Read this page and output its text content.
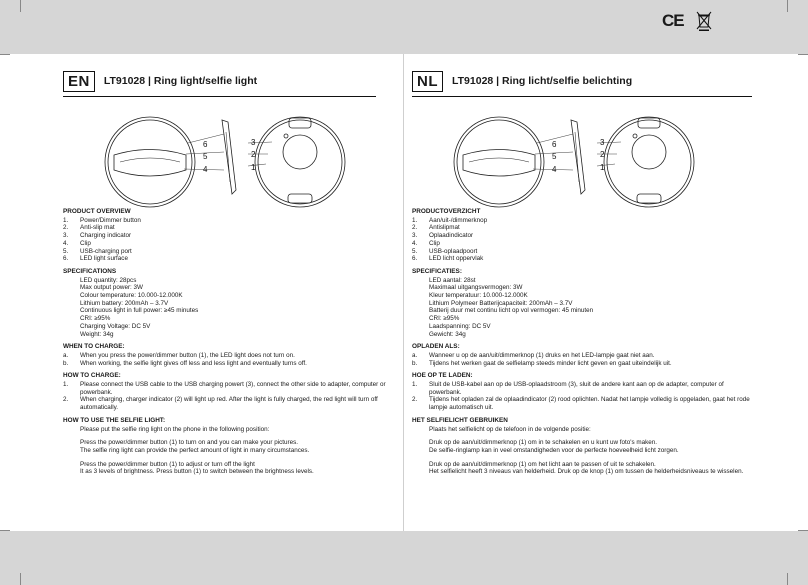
CE
EN	LT91028 | Ring light/selfie light
6
5
4
3
2
1
PRODUCT OVERVIEW
1.	Power/Dimmer button
2.	Anti-slip mat
3.	Charging indicator
4.	Clip
5.	USB-charging port
6.	LED light surface
SPECIFICATIONS
LED quantity: 28pcs
Max output power: 3W
Colour temperature: 10.000-12.000K
Lithium battery: 200mAh – 3.7V
Continuous light in full power: ≥45 minutes
CRI: ≥95%
Charging Voltage: DC 5V
Weight: 34g
WHEN TO CHARGE:
a.	When you press the power/dimmer button (1), the LED light does not turn on.
b.	When working, the selfie light gives off less and less light and eventually turns off.
HOW TO CHARGE:
1.	Please connect the USB cable to the USB charging powert (3), connect the other side to adapter, computer or powerbank.
2.	When charging, charger indicator (2) will light up red. After the light is fully charged, the red light will turn off automatically.
HOW TO USE THE SELFIE LIGHT:
Please put the selfie ring light on the phone in the following position:
Press the power/dimmer button (1) to turn on and you can make your pictures.
The selfie ring light can provide the perfect amount of light in many circumstances.
Press the power/dimmer button (1) to adjust or turn off the light
It as 3 levels of brightness. Press button (1) to switch between the brightness levels.
NL	LT91028 | Ring licht/selfie belichting
6
5
4
3
2
1
PRODUCTOVERZICHT
1.	Aan/uit-/dimmerknop
2.	Antislipmat
3.	Oplaadindicator
4.	Clip
5.	USB-oplaadpoort
6.	LED licht oppervlak
SPECIFICATIES:
LED aantal: 28st
Maximaal uitgangsvermogen: 3W
Kleur temperatuur: 10.000-12.000K
Lithium Polymeer Batterijcapaciteit: 200mAh – 3.7V
Batterij duur met continu licht op vol vermogen: 45 minuten
CRI: ≥95%
Laadspanning: DC 5V
Gewicht: 34g
OPLADEN ALS:
a.	Wanneer u op de aan/uit/dimmerknop (1) druks en het LED-lampje gaat niet aan.
b.	Tijdens het werken gaat de selfielamp steeds minder licht geven en gaat uiteindelijk uit.
HOE OP TE LADEN:
1.	Sluit de USB-kabel aan op de USB-oplaadstroom (3), sluit de andere kant aan op de adapter, computer of powerbank.
2.	Tijdens het opladen zal de oplaadindicator (2) rood oplichten. Nadat het lampje volledig is opgeladen, gaat het rode lampje automatisch uit.
HET SELFIELICHT GEBRUIKEN
Plaats het selfielicht op de telefoon in de volgende positie:
Druk op de aan/uit/dimmerknop (1) om in te schakelen en u kunt uw foto's maken.
De selfie-ringlamp kan in veel omstandigheden voor de perfecte hoeveelheid licht zorgen.
Druk op de aan/uit/dimmerknop (1) om het licht aan te passen of uit te schakelen.
Het selfielicht heeft 3 niveaus van helderheid. Druk op de knop (1) om tussen de helderheidsniveaus te wisselen.
